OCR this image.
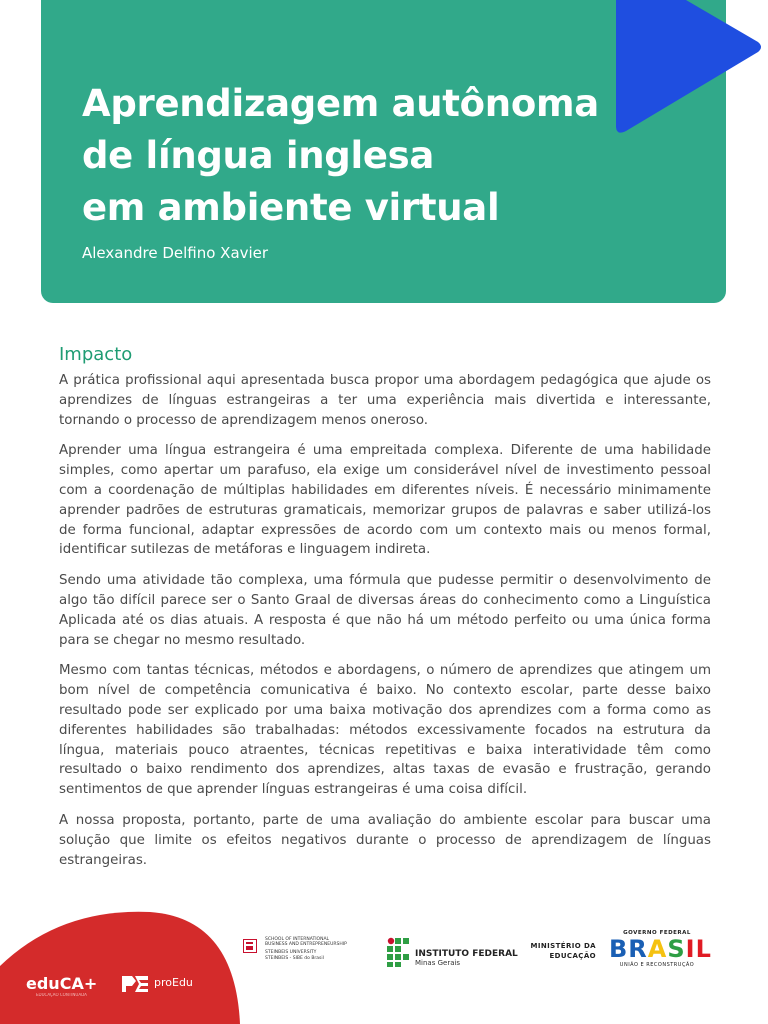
Aprendizagem autônoma
de língua inglesa
em ambiente virtual
Alexandre Delfino Xavier
Impacto

A prática profissional aqui apresentada busca propor uma abordagem pedagógica que ajude os aprendizes de línguas estrangeiras a ter uma experiência mais divertida e interessante, tornando o processo de aprendizagem menos oneroso.

Aprender uma língua estrangeira é uma empreitada complexa. Diferente de uma habilidade simples, como apertar um parafuso, ela exige um considerável nível de investimento pessoal com a coordenação de múltiplas habilidades em diferentes níveis. É necessário minimamente aprender padrões de estruturas gramaticais, memorizar grupos de palavras e saber utilizá-los de forma funcional, adaptar expressões de acordo com um contexto mais ou menos formal, identificar sutilezas de metáforas e linguagem indireta.

Sendo uma atividade tão complexa, uma fórmula que pudesse permitir o desenvolvimento de algo tão difícil parece ser o Santo Graal de diversas áreas do conhecimento como a Linguística Aplicada até os dias atuais. A resposta é que não há um método perfeito ou uma única forma para se chegar no mesmo resultado.

Mesmo com tantas técnicas, métodos e abordagens, o número de aprendizes que atingem um bom nível de competência comunicativa é baixo. No contexto escolar, parte desse baixo resultado pode ser explicado por uma baixa motivação dos aprendizes com a forma como as diferentes habilidades são trabalhadas: métodos excessivamente focados na estrutura da língua, materiais pouco atraentes, técnicas repetitivas e baixa interatividade têm como resultado o baixo rendimento dos aprendizes, altas taxas de evasão e frustração, gerando sentimentos de que aprender línguas estrangeiras é uma coisa difícil.

A nossa proposta, portanto, parte de uma avaliação do ambiente escolar para buscar uma solução que limite os efeitos negativos durante o processo de aprendizagem de línguas estrangeiras.

eduCA+
EDUCAÇÃO CONTINUADA
proEdu
SCHOOL OF INTERNATIONAL
BUSINESS AND ENTREPRENEURSHIP
STEINBEIS UNIVERSITY
STEINBEIS - SIBE do Brasil	INSTITUTO FEDERAL
Minas Gerais
MINISTÉRIO DA
EDUCAÇÃO
GOVERNO FEDERAL
BRASIL
UNIÃO E RECONSTRUÇÃO
